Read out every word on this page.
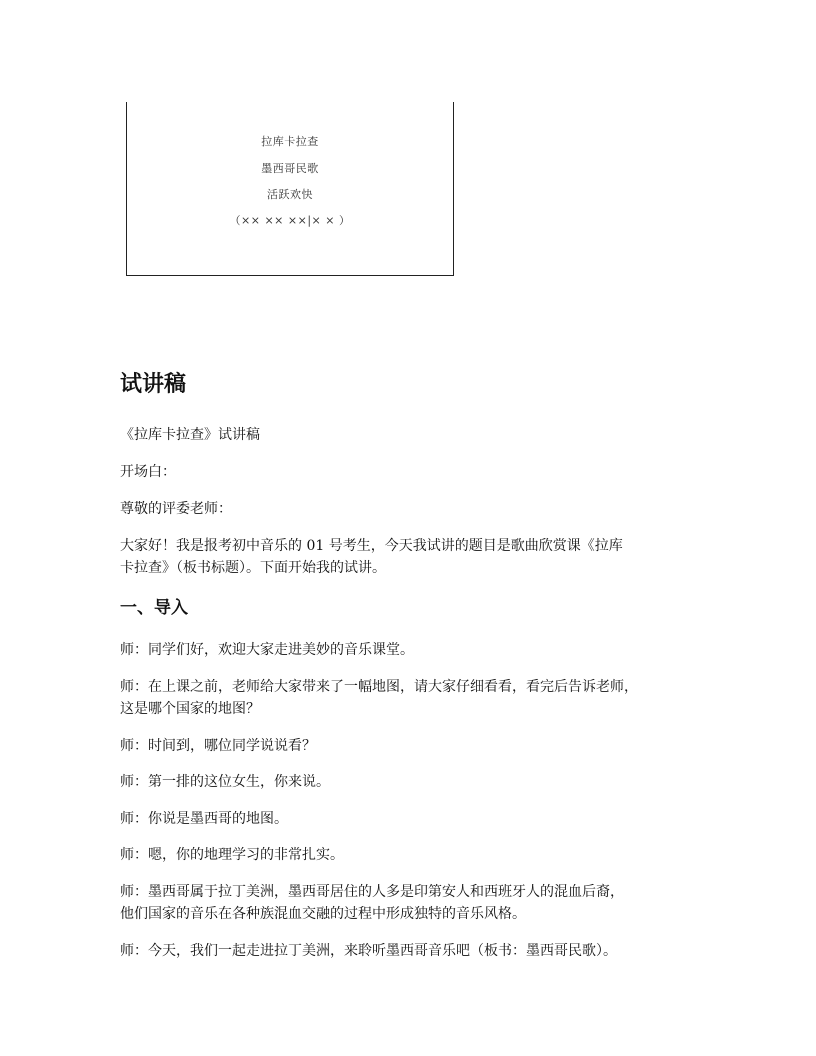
拉库卡拉查
墨西哥民歌
活跃欢快
（×× ×× ××|× × ）
试讲稿

《拉库卡拉查》试讲稿

开场白：

尊敬的评委老师：

大家好！我是报考初中音乐的 01 号考生，今天我试讲的题目是歌曲欣赏课《拉库

卡拉查》（板书标题）。下面开始我的试讲。

一、导入

师：同学们好，欢迎大家走进美妙的音乐课堂。

师：在上课之前，老师给大家带来了一幅地图，请大家仔细看看，看完后告诉老师，

这是哪个国家的地图？

师：时间到，哪位同学说说看？

师：第一排的这位女生，你来说。

师：你说是墨西哥的地图。

师：嗯，你的地理学习的非常扎实。

师：墨西哥属于拉丁美洲，墨西哥居住的人多是印第安人和西班牙人的混血后裔，

他们国家的音乐在各种族混血交融的过程中形成独特的音乐风格。

师：今天，我们一起走进拉丁美洲，来聆听墨西哥音乐吧（板书：墨西哥民歌）。
